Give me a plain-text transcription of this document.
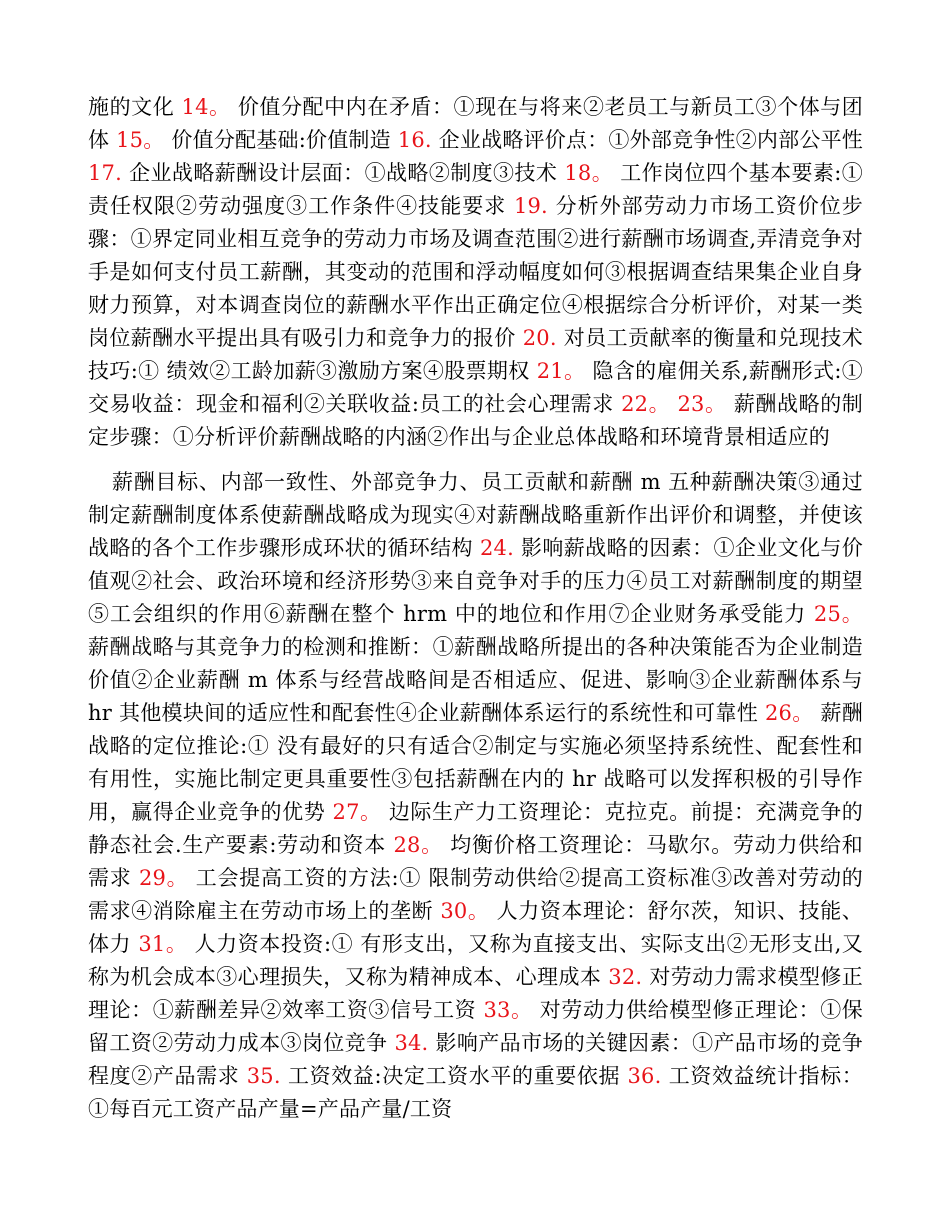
施的文化 14。 价值分配中内在矛盾：①现在与将来②老员工与新员工③个体与团体 15。 价值分配基础:价值制造 16. 企业战略评价点：①外部竞争性②内部公平性 17. 企业战略薪酬设计层面：①战略②制度③技术 18。 工作岗位四个基本要素:① 责任权限②劳动强度③工作条件④技能要求 19. 分析外部劳动力市场工资价位步骤：①界定同业相互竞争的劳动力市场及调查范围②进行薪酬市场调查,弄清竞争对手是如何支付员工薪酬，其变动的范围和浮动幅度如何③根据调查结果集企业自身财力预算，对本调查岗位的薪酬水平作出正确定位④根据综合分析评价，对某一类岗位薪酬水平提出具有吸引力和竞争力的报价 20. 对员工贡献率的衡量和兑现技术技巧:① 绩效②工龄加薪③激励方案④股票期权 21。 隐含的雇佣关系,薪酬形式:① 交易收益：现金和福利②关联收益:员工的社会心理需求 22。 23。 薪酬战略的制定步骤：①分析评价薪酬战略的内涵②作出与企业总体战略和环境背景相适应的
薪酬目标、内部一致性、外部竞争力、员工贡献和薪酬 m 五种薪酬决策③通过制定薪酬制度体系使薪酬战略成为现实④对薪酬战略重新作出评价和调整，并使该战略的各个工作步骤形成环状的循环结构 24. 影响薪战略的因素：①企业文化与价值观②社会、政治环境和经济形势③来自竞争对手的压力④员工对薪酬制度的期望⑤工会组织的作用⑥薪酬在整个 hrm 中的地位和作用⑦企业财务承受能力 25。 薪酬战略与其竞争力的检测和推断：①薪酬战略所提出的各种决策能否为企业制造价值②企业薪酬 m 体系与经营战略间是否相适应、促进、影响③企业薪酬体系与 hr 其他模块间的适应性和配套性④企业薪酬体系运行的系统性和可靠性 26。 薪酬战略的定位推论:① 没有最好的只有适合②制定与实施必须坚持系统性、配套性和有用性，实施比制定更具重要性③包括薪酬在内的 hr 战略可以发挥积极的引导作用，赢得企业竞争的优势 27。 边际生产力工资理论：克拉克。前提：充满竞争的静态社会.生产要素:劳动和资本 28。 均衡价格工资理论：马歇尔。劳动力供给和需求 29。 工会提高工资的方法:① 限制劳动供给②提高工资标准③改善对劳动的需求④消除雇主在劳动市场上的垄断 30。 人力资本理论：舒尔茨，知识、技能、体力 31。 人力资本投资:① 有形支出，又称为直接支出、实际支出②无形支出,又称为机会成本③心理损失，又称为精神成本、心理成本 32. 对劳动力需求模型修正理论：①薪酬差异②效率工资③信号工资 33。 对劳动力供给模型修正理论：①保留工资②劳动力成本③岗位竞争 34. 影响产品市场的关键因素：①产品市场的竞争程度②产品需求 35. 工资效益:决定工资水平的重要依据 36. 工资效益统计指标：①每百元工资产品产量=产品产量/工资
